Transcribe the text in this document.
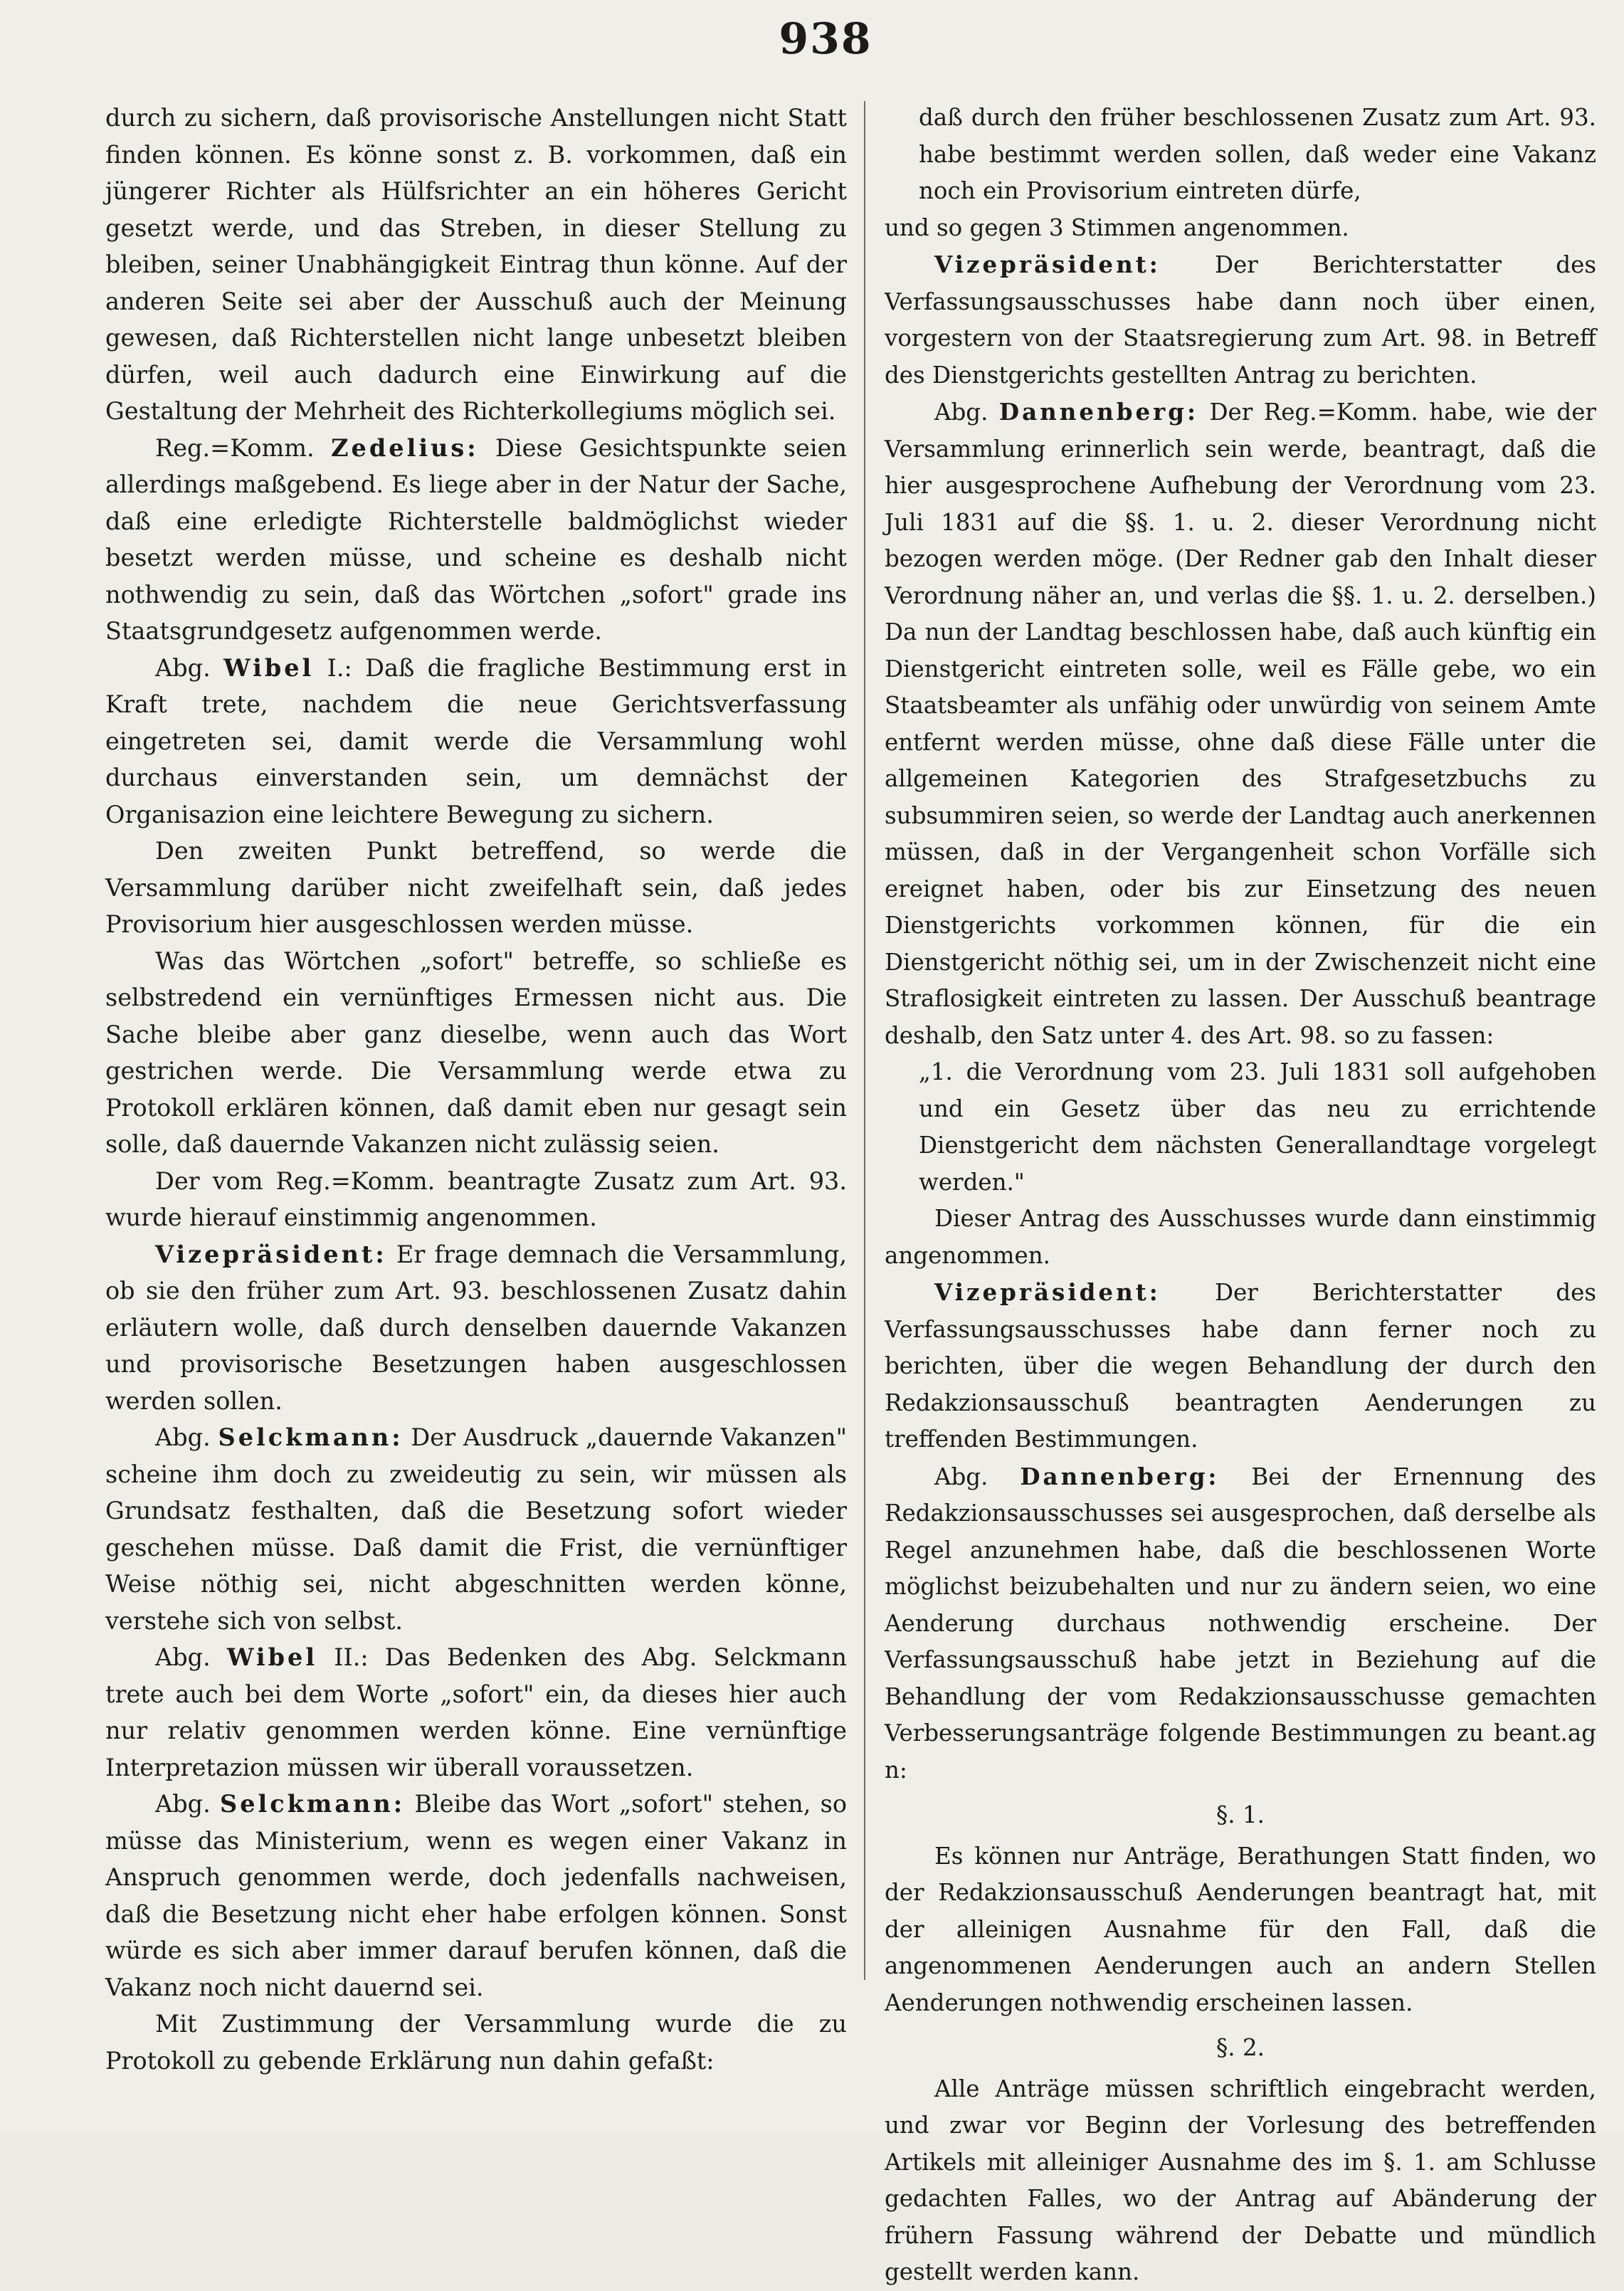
938

durch zu sichern, daß provisorische Anstellungen nicht Statt finden können. Es könne sonst z. B. vorkommen, daß ein jüngerer Richter als Hülfsrichter an ein höheres Gericht gesetzt werde, und das Streben, in dieser Stellung zu bleiben, seiner Unabhängigkeit Eintrag thun könne. Auf der anderen Seite sei aber der Ausschuß auch der Meinung gewesen, daß Richterstellen nicht lange unbesetzt bleiben dürfen, weil auch dadurch eine Einwirkung auf die Gestaltung der Mehrheit des Richterkollegiums möglich sei.

Reg.=Komm. Zedelius: Diese Gesichtspunkte seien allerdings maßgebend. Es liege aber in der Natur der Sache, daß eine erledigte Richterstelle baldmöglichst wieder besetzt werden müsse, und scheine es deshalb nicht nothwendig zu sein, daß das Wörtchen „sofort" grade ins Staatsgrundgesetz aufgenommen werde.

Abg. Wibel I.: Daß die fragliche Bestimmung erst in Kraft trete, nachdem die neue Gerichtsverfassung eingetreten sei, damit werde die Versammlung wohl durchaus einverstanden sein, um demnächst der Organisazion eine leichtere Bewegung zu sichern.

Den zweiten Punkt betreffend, so werde die Versammlung darüber nicht zweifelhaft sein, daß jedes Provisorium hier ausgeschlossen werden müsse.

Was das Wörtchen „sofort" betreffe, so schließe es selbstredend ein vernünftiges Ermessen nicht aus. Die Sache bleibe aber ganz dieselbe, wenn auch das Wort gestrichen werde. Die Versammlung werde etwa zu Protokoll erklären können, daß damit eben nur gesagt sein solle, daß dauernde Vakanzen nicht zulässig seien.

Der vom Reg.=Komm. beantragte Zusatz zum Art. 93. wurde hierauf einstimmig angenommen.

Vizepräsident: Er frage demnach die Versammlung, ob sie den früher zum Art. 93. beschlossenen Zusatz dahin erläutern wolle, daß durch denselben dauernde Vakanzen und provisorische Besetzungen haben ausgeschlossen werden sollen.

Abg. Selckmann: Der Ausdruck „dauernde Vakanzen" scheine ihm doch zu zweideutig zu sein, wir müssen als Grundsatz festhalten, daß die Besetzung sofort wieder geschehen müsse. Daß damit die Frist, die vernünftiger Weise nöthig sei, nicht abgeschnitten werden könne, verstehe sich von selbst.

Abg. Wibel II.: Das Bedenken des Abg. Selckmann trete auch bei dem Worte „sofort" ein, da dieses hier auch nur relativ genommen werden könne. Eine vernünftige Interpretazion müssen wir überall voraussetzen.

Abg. Selckmann: Bleibe das Wort „sofort" stehen, so müsse das Ministerium, wenn es wegen einer Vakanz in Anspruch genommen werde, doch jedenfalls nachweisen, daß die Besetzung nicht eher habe erfolgen können. Sonst würde es sich aber immer darauf berufen können, daß die Vakanz noch nicht dauernd sei.

Mit Zustimmung der Versammlung wurde die zu Protokoll zu gebende Erklärung nun dahin gefaßt:

daß durch den früher beschlossenen Zusatz zum Art. 93. habe bestimmt werden sollen, daß weder eine Vakanz noch ein Provisorium eintreten dürfe,

und so gegen 3 Stimmen angenommen.

Vizepräsident: Der Berichterstatter des Verfassungsausschusses habe dann noch über einen, vorgestern von der Staatsregierung zum Art. 98. in Betreff des Dienstgerichts gestellten Antrag zu berichten.

Abg. Dannenberg: Der Reg.=Komm. habe, wie der Versammlung erinnerlich sein werde, beantragt, daß die hier ausgesprochene Aufhebung der Verordnung vom 23. Juli 1831 auf die §§. 1. u. 2. dieser Verordnung nicht bezogen werden möge. (Der Redner gab den Inhalt dieser Verordnung näher an, und verlas die §§. 1. u. 2. derselben.) Da nun der Landtag beschlossen habe, daß auch künftig ein Dienstgericht eintreten solle, weil es Fälle gebe, wo ein Staatsbeamter als unfähig oder unwürdig von seinem Amte entfernt werden müsse, ohne daß diese Fälle unter die allgemeinen Kategorien des Strafgesetzbuchs zu subsummiren seien, so werde der Landtag auch anerkennen müssen, daß in der Vergangenheit schon Vorfälle sich ereignet haben, oder bis zur Einsetzung des neuen Dienstgerichts vorkommen können, für die ein Dienstgericht nöthig sei, um in der Zwischenzeit nicht eine Straflosigkeit eintreten zu lassen. Der Ausschuß beantrage deshalb, den Satz unter 4. des Art. 98. so zu fassen:

„1. die Verordnung vom 23. Juli 1831 soll aufgehoben und ein Gesetz über das neu zu errichtende Dienstgericht dem nächsten Generallandtage vorgelegt werden."

Dieser Antrag des Ausschusses wurde dann einstimmig angenommen.

Vizepräsident: Der Berichterstatter des Verfassungsausschusses habe dann ferner noch zu berichten, über die wegen Behandlung der durch den Redakzionsausschuß beantragten Aenderungen zu treffenden Bestimmungen.

Abg. Dannenberg: Bei der Ernennung des Redakzionsausschusses sei ausgesprochen, daß derselbe als Regel anzunehmen habe, daß die beschlossenen Worte möglichst beizubehalten und nur zu ändern seien, wo eine Aenderung durchaus nothwendig erscheine. Der Verfassungsausschuß habe jetzt in Beziehung auf die Behandlung der vom Redakzionsausschusse gemachten Verbesserungsanträge folgende Bestimmungen zu beant.ag n:

§. 1.

Es können nur Anträge, Berathungen Statt finden, wo der Redakzionsausschuß Aenderungen beantragt hat, mit der alleinigen Ausnahme für den Fall, daß die angenommenen Aenderungen auch an andern Stellen Aenderungen nothwendig erscheinen lassen.

§. 2.

Alle Anträge müssen schriftlich eingebracht werden, und zwar vor Beginn der Vorlesung des betreffenden Artikels mit alleiniger Ausnahme des im §. 1. am Schlusse gedachten Falles, wo der Antrag auf Abänderung der frühern Fassung während der Debatte und mündlich gestellt werden kann.
